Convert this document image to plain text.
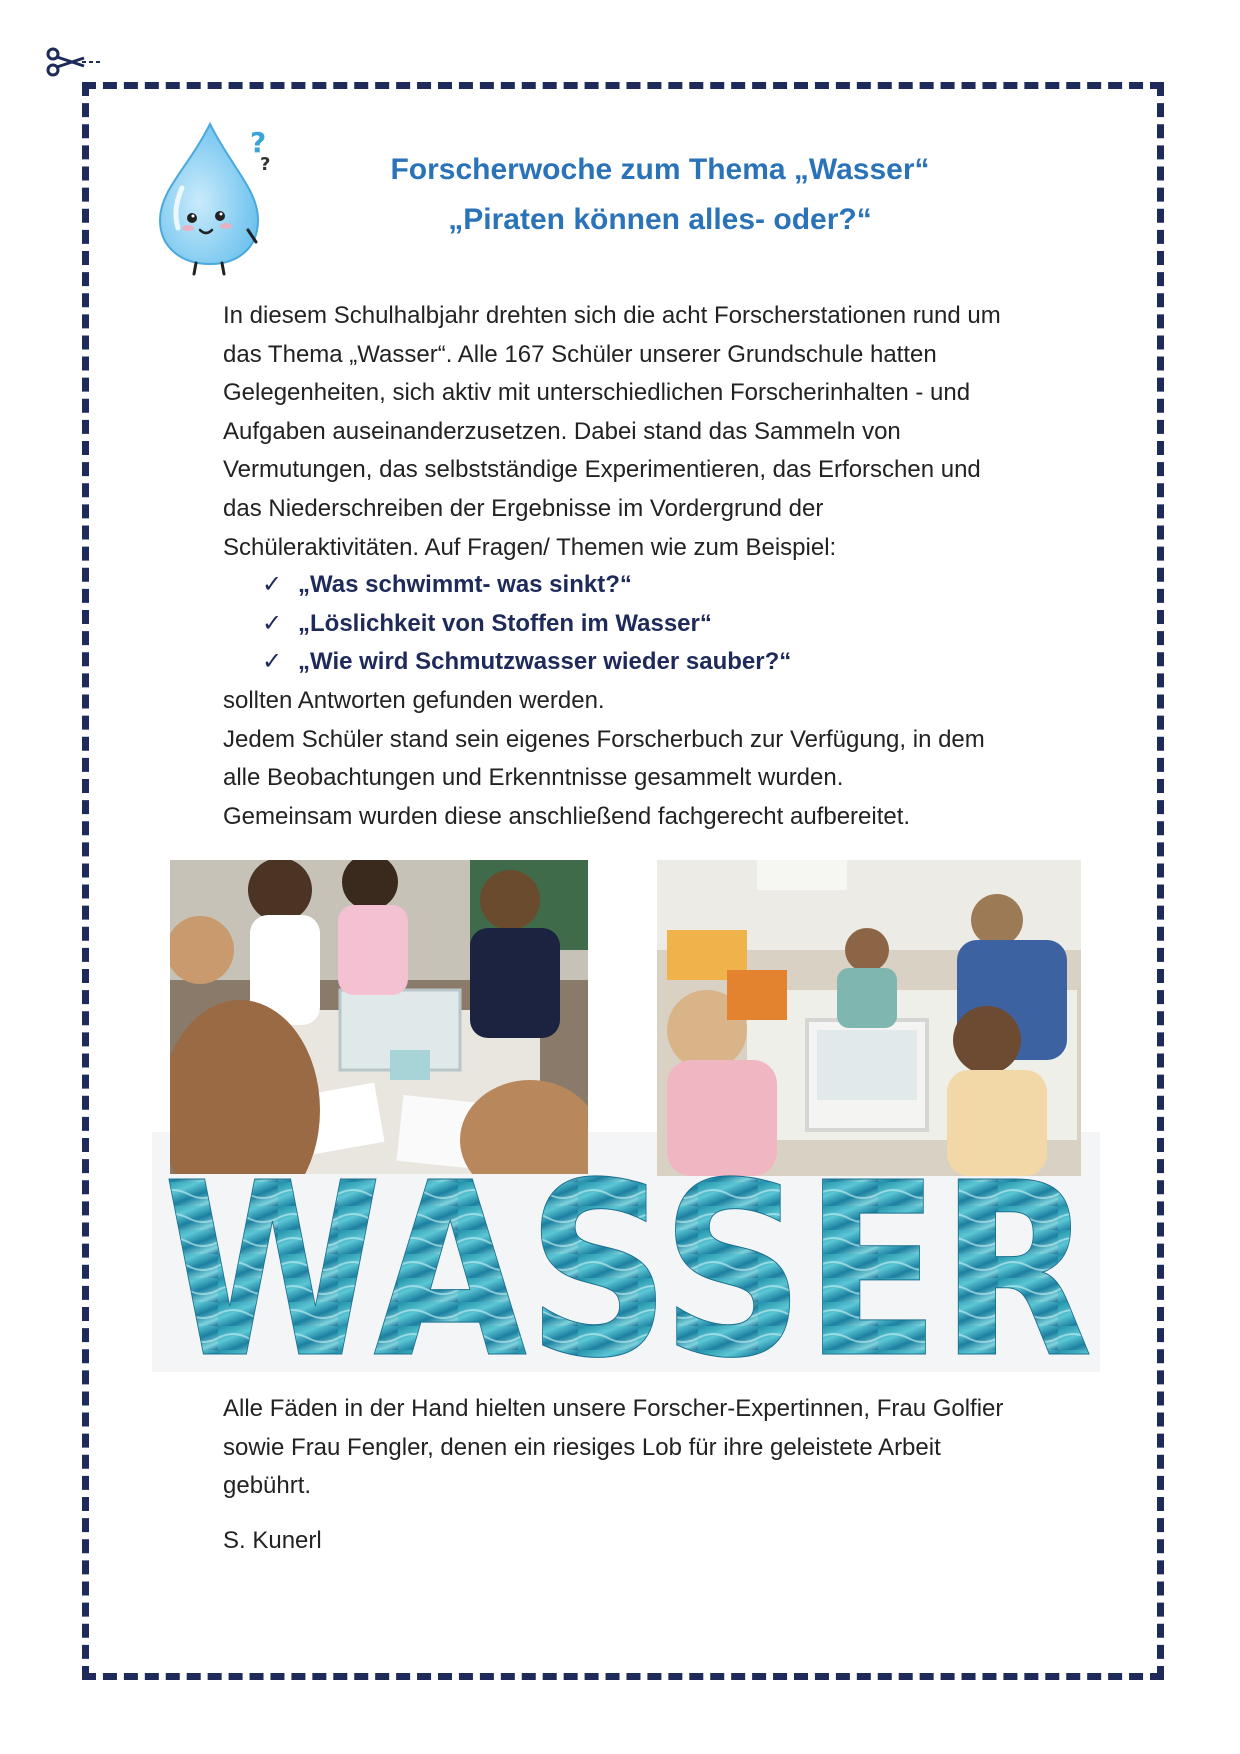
?
?	Forscherwoche zum Thema „Wasser“
„Piraten können alles- oder?“
In diesem Schulhalbjahr drehten sich die acht Forscherstationen rund um
das Thema „Wasser“. Alle 167 Schüler unserer Grundschule hatten
Gelegenheiten, sich aktiv mit unterschiedlichen Forscherinhalten - und
Aufgaben auseinanderzusetzen. Dabei stand das Sammeln von
Vermutungen, das selbstständige Experimentieren, das Erforschen und
das Niederschreiben der Ergebnisse im Vordergrund der
Schüleraktivitäten. Auf Fragen/ Themen wie zum Beispiel:
✓ „Was schwimmt- was sinkt?“
✓ „Löslichkeit von Stoffen im Wasser“
✓ „Wie wird Schmutzwasser wieder sauber?“
sollten Antworten gefunden werden.
Jedem Schüler stand sein eigenes Forscherbuch zur Verfügung, in dem
alle Beobachtungen und Erkenntnisse gesammelt wurden.
Gemeinsam wurden diese anschließend fachgerecht aufbereitet.
WASSER
Alle Fäden in der Hand hielten unsere Forscher-Expertinnen, Frau Golfier
sowie Frau Fengler, denen ein riesiges Lob für ihre geleistete Arbeit
gebührt.
S. Kunerl
